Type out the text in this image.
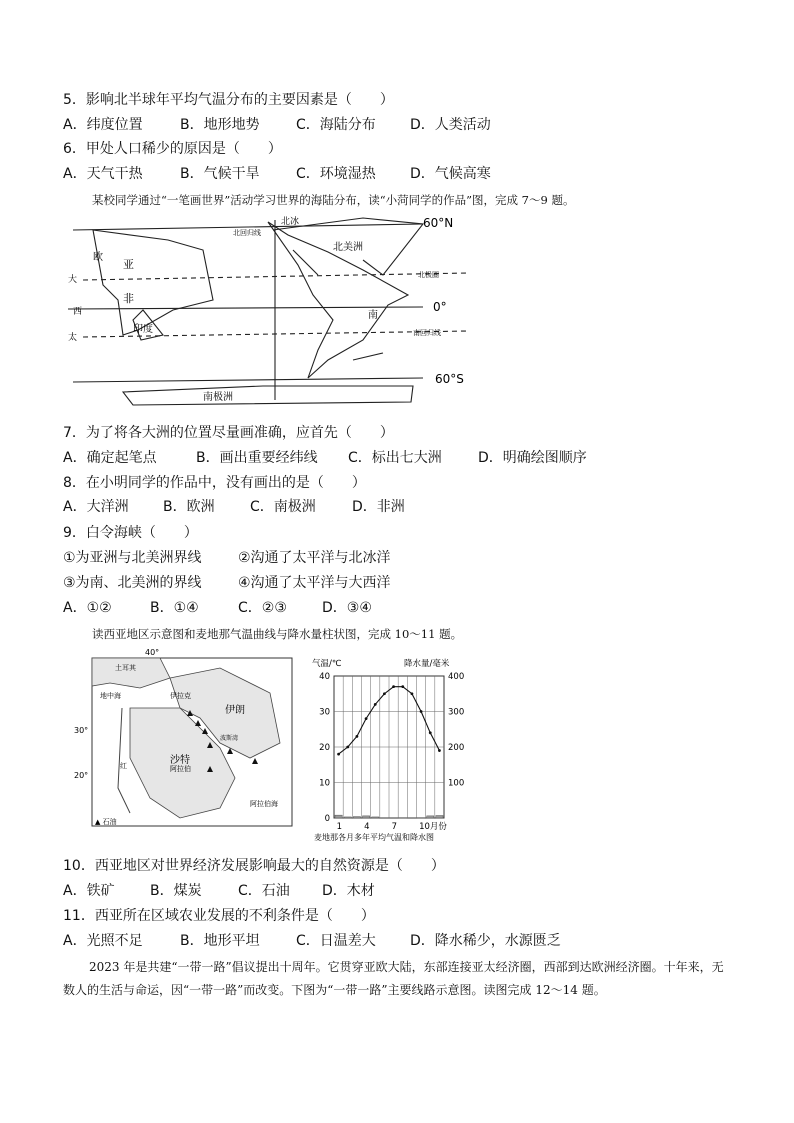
5．影响北半球年平均气温分布的主要因素是（　　）
A．纬度位置	B．地形地势	C．海陆分布 D．人类活动
6．甲处人口稀少的原因是（　　）
A．天气干热	B．气候干旱	C．环境湿热 D．气候高寒
某校同学通过“一笔画世界”活动学习世界的海陆分布，读“小菏同学的作品”图，完成 7～9 题。
60°N
0°
60°S
北美洲
北冰
北极圈
南回归线
北回归线
亚
非
印度
南
欧
南极洲
大
西
太
7．为了将各大洲的位置尽量画准确，应首先（　　）
A．确定起笔点	B．画出重要经纬线 C．标出七大洲	D．明确绘图顺序
8．在小明同学的作品中，没有画出的是（　　）
A．大洋洲 B．欧洲	C．南极洲	D．非洲
9．白令海峡（　　）
①为亚洲与北美洲界线	②沟通了太平洋与北冰洋
③为南、北美洲的界线	④沟通了太平洋与大西洋
A．①②	B．①④	C．②③	D．③④
读西亚地区示意图和麦地那气温曲线与降水量柱状图，完成 10～11 题。
40°
30°
20°
伊朗
沙特
阿拉伯
阿拉伯海
▲ 石油
地中海
红
伊拉克
土耳其
波斯湾
气温/℃	降水量/毫米
40
30
20
10
0
400
300
200
100
1	4	7	10月份
麦地那各月多年平均气温和降水图
10．西亚地区对世界经济发展影响最大的自然资源是（　　）
A．铁矿	B．煤炭	C．石油 D．木材
11．西亚所在区域农业发展的不利条件是（　　）
A．光照不足	B．地形平坦	C．日温差大 D．降水稀少，水源匮乏
2023 年是共建“一带一路”倡议提出十周年。它贯穿亚欧大陆，东部连接亚太经济圈，西部到达欧洲经济圈。十年来，无数人的生活与命运，因“一带一路”而改变。下图为“一带一路”主要线路示意图。读图完成 12～14 题。
